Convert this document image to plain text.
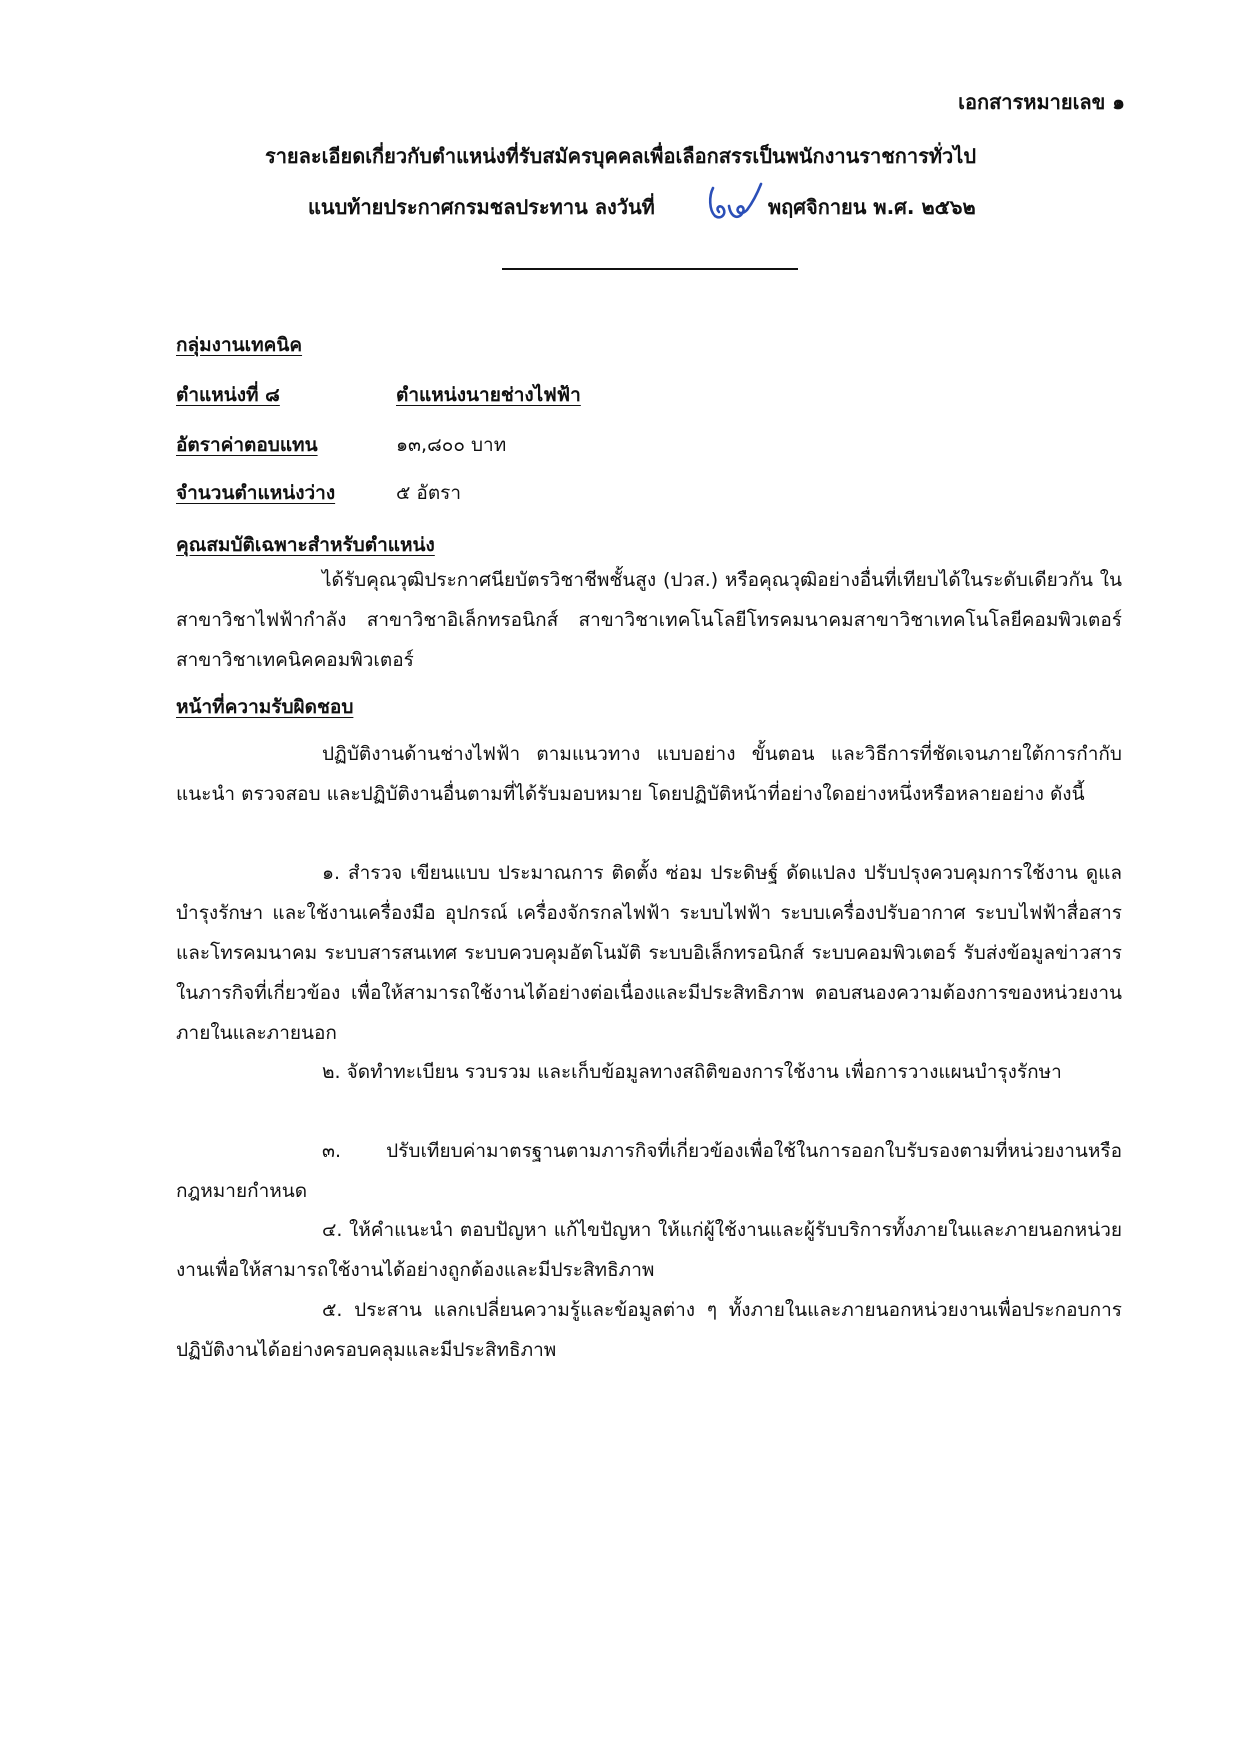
เอกสารหมายเลข ๑
รายละเอียดเกี่ยวกับตำแหน่งที่รับสมัครบุคคลเพื่อเลือกสรรเป็นพนักงานราชการทั่วไป
แนบท้ายประกาศกรมชลประทาน ลงวันที่	พฤศจิกายน พ.ศ. ๒๕๖๒
กลุ่มงานเทคนิค
ตำแหน่งที่ ๘	ตำแหน่งนายช่างไฟฟ้า
อัตราค่าตอบแทน	๑๓,๘๐๐ บาท
จำนวนตำแหน่งว่าง	๕ อัตรา
คุณสมบัติเฉพาะสำหรับตำแหน่ง
ได้รับคุณวุฒิประกาศนียบัตรวิชาชีพชั้นสูง (ปวส.) หรือคุณวุฒิอย่างอื่นที่เทียบได้ในระดับเดียวกัน ในสาขาวิชาไฟฟ้ากำลัง สาขาวิชาอิเล็กทรอนิกส์ สาขาวิชาเทคโนโลยีโทรคมนาคมสาขาวิชาเทคโนโลยีคอมพิวเตอร์สาขาวิชาเทคนิคคอมพิวเตอร์
หน้าที่ความรับผิดชอบ
ปฏิบัติงานด้านช่างไฟฟ้า ตามแนวทาง แบบอย่าง ขั้นตอน และวิธีการที่ชัดเจนภายใต้การกำกับ แนะนำ ตรวจสอบ และปฏิบัติงานอื่นตามที่ได้รับมอบหมาย โดยปฏิบัติหน้าที่อย่างใดอย่างหนึ่งหรือหลายอย่าง ดังนี้
๑. สำรวจ เขียนแบบ ประมาณการ ติดตั้ง ซ่อม ประดิษฐ์ ดัดแปลง ปรับปรุงควบคุมการใช้งาน ดูแล บำรุงรักษา และใช้งานเครื่องมือ อุปกรณ์ เครื่องจักรกลไฟฟ้า ระบบไฟฟ้า ระบบเครื่องปรับอากาศ ระบบไฟฟ้าสื่อสารและโทรคมนาคม ระบบสารสนเทศ ระบบควบคุมอัตโนมัติ ระบบอิเล็กทรอนิกส์ ระบบคอมพิวเตอร์ รับส่งข้อมูลข่าวสาร ในภารกิจที่เกี่ยวข้อง เพื่อให้สามารถใช้งานได้อย่างต่อเนื่องและมีประสิทธิภาพ ตอบสนองความต้องการของหน่วยงานภายในและภายนอก
๒. จัดทำทะเบียน รวบรวม และเก็บข้อมูลทางสถิติของการใช้งาน เพื่อการวางแผนบำรุงรักษา
๓. ปรับเทียบค่ามาตรฐานตามภารกิจที่เกี่ยวข้องเพื่อใช้ในการออกใบรับรองตามที่หน่วยงานหรือกฎหมายกำหนด
๔. ให้คำแนะนำ ตอบปัญหา แก้ไขปัญหา ให้แก่ผู้ใช้งานและผู้รับบริการทั้งภายในและภายนอกหน่วยงานเพื่อให้สามารถใช้งานได้อย่างถูกต้องและมีประสิทธิภาพ
๕. ประสาน แลกเปลี่ยนความรู้และข้อมูลต่าง ๆ ทั้งภายในและภายนอกหน่วยงานเพื่อประกอบการปฏิบัติงานได้อย่างครอบคลุมและมีประสิทธิภาพ
